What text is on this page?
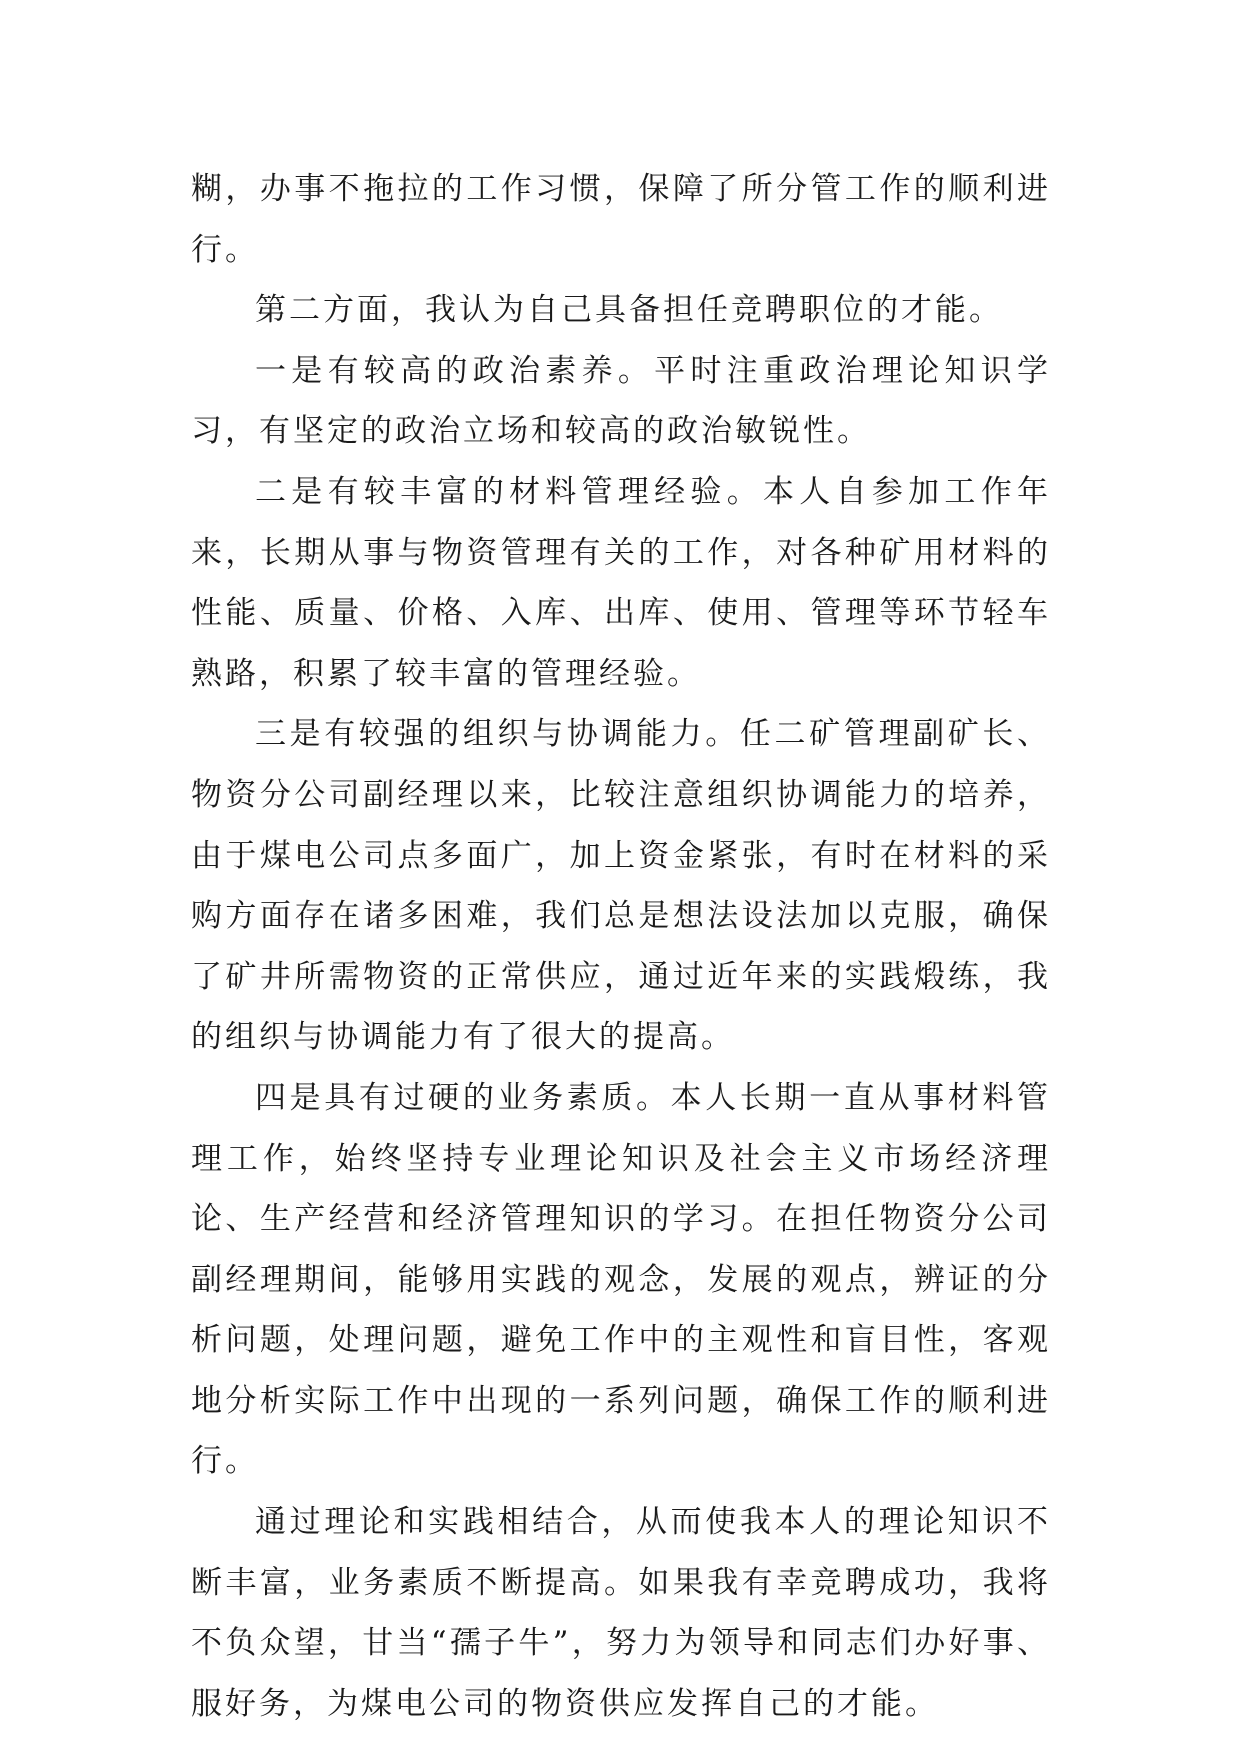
糊，办事不拖拉的工作习惯，保障了所分管工作的顺利进行。

第二方面，我认为自己具备担任竞聘职位的才能。

一是有较高的政治素养。平时注重政治理论知识学习，有坚定的政治立场和较高的政治敏锐性。

二是有较丰富的材料管理经验。本人自参加工作年来，长期从事与物资管理有关的工作，对各种矿用材料的性能、质量、价格、入库、出库、使用、管理等环节轻车熟路，积累了较丰富的管理经验。

三是有较强的组织与协调能力。任二矿管理副矿长、物资分公司副经理以来，比较注意组织协调能力的培养，由于煤电公司点多面广，加上资金紧张，有时在材料的采购方面存在诸多困难，我们总是想法设法加以克服，确保了矿井所需物资的正常供应，通过近年来的实践煅练，我的组织与协调能力有了很大的提高。

四是具有过硬的业务素质。本人长期一直从事材料管理工作，始终坚持专业理论知识及社会主义市场经济理论、生产经营和经济管理知识的学习。在担任物资分公司副经理期间，能够用实践的观念，发展的观点，辨证的分析问题，处理问题，避免工作中的主观性和盲目性，客观地分析实际工作中出现的一系列问题，确保工作的顺利进行。

通过理论和实践相结合，从而使我本人的理论知识不断丰富，业务素质不断提高。如果我有幸竞聘成功，我将不负众望，甘当“孺子牛”，努力为领导和同志们办好事、服好务，为煤电公司的物资供应发挥自己的才能。
